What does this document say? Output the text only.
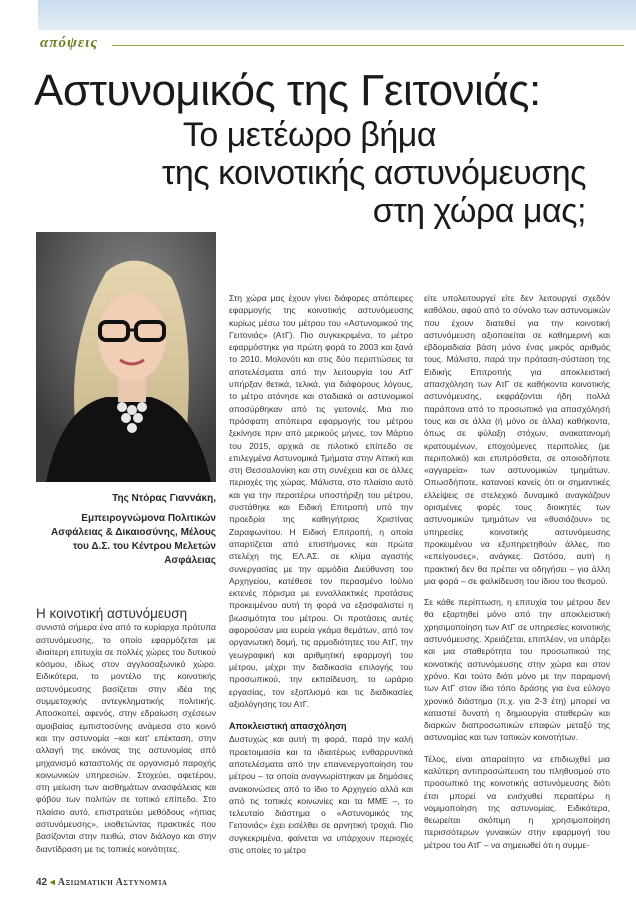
απόψεις
Αστυνομικός της Γειτονιάς:
Το μετέωρο βήμα
της κοινοτικής αστυνόμευσης
στη χώρα μας;
Της Ντόρας Γιαννάκη,
Εμπειρογνώμονα Πολιτικών Ασφάλειας & Δικαιοσύνης, Μέλους του Δ.Σ. του Κέντρου Μελετών Ασφάλειας

Η κοινοτική αστυνόμευση

συνιστά σήμερα ένα από τα κυρίαρχα πρότυπα αστυνόμευσης, το οποίο εφαρμόζεται με ιδιαίτερη επιτυχία σε πολλές χώρες του δυτικού κόσμου, ιδίως στον αγγλοσαξωνικό χώρο. Ειδικότερα, το μοντέλο της κοινοτικής αστυνόμευσης βασίζεται στην ιδέα της συμμετοχικής αντεγκληματικής πολιτικής. Αποσκοπεί, αφενός, στην εδραίωση σχέσεων αμοιβαίας εμπιστοσύνης ανάμεσα στο κοινό και την αστυνομία –και κατ' επέκταση, στην αλλαγή της εικόνας της αστυνομίας από μηχανισμό καταστολής σε οργανισμό παροχής κοινωνικών υπηρεσιών. Στοχεύει, αφετέρου, στη μείωση των αισθημάτων ανασφάλειας και φόβου των πολιτών σε τοπικό επίπεδο. Στο πλαίσιο αυτό, επιστρατεύει μεθόδους «ήπιας αστυνόμευσης», υιοθετώντας πρακτικές που βασίζονται στην πειθώ, στον διάλογο και στην διαντίδραση με τις τοπικές κοινότητες.

Στη χώρα μας έχουν γίνει διάφορες απόπειρες εφαρμογής της κοινοτικής αστυνόμευσης κυρίως μέσω του μέτρου του «Αστυνομικού της Γειτονιάς» (ΑτΓ). Πιο συγκεκριμένα, το μέτρο εφαρμόστηκε για πρώτη φορά το 2003 και ξανά το 2010. Μολονότι και στις δύο περιπτώσεις τα αποτελέσματα από την λειτουργία του ΑτΓ υπήρξαν θετικά, τελικά, για διάφορους λόγους, το μέτρο ατόνησε και σταδιακά οι αστυνομικοί αποσύρθηκαν από τις γειτονιές. Μια πιο πρόσφατη απόπειρα εφαρμογής του μέτρου ξεκίνησε πριν από μερικούς μήνες, τον Μάρτιο του 2015, αρχικά σε πιλοτικό επίπεδο σε επιλεγμένα Αστυνομικά Τμήματα στην Αττική και στη Θεσσαλονίκη και στη συνέχεια και σε άλλες περιοχές της χώρας. Μάλιστα, στο πλαίσιο αυτό και για την περαιτέρω υποστήριξη του μέτρου, συστάθηκε και Ειδική Επιτροπή υπό την προεδρία της καθηγήτριας Χριστίνας Ζαραφωνίτου. Η Ειδική Επιτροπή, η οποία απαρτίζεται από επιστήμονες και πρώτα στελέχη της ΕΛ.ΑΣ. σε κλίμα αγαστής συνεργασίας με την αρμόδια Διεύθυνση του Αρχηγείου, κατέθεσε τον περασμένο Ιούλιο εκτενές πόρισμα με ενναλλακτικές προτάσεις προκειμένου αυτή τη φορά να εξασφαλιστεί η βιωσιμότητα του μέτρου. Οι προτάσεις αυτές αφορούσαν μια ευρεία γκάμα θεμάτων, από τον οργανωτική δομή, τις αρμοδιότητες του ΑτΓ, την γεωγραφική και αριθμητική εφαρμογή του μέτρου, μέχρι την διαδικασία επιλογής του προσωπικού, την εκπαίδευση, το ωράριο εργασίας, τον εξοπλισμό και τις διαδικασίες αξιολόγησης του ΑτΓ.

Αποκλειστική απασχόληση

Δυστυχώς και αυτή τη φορά, παρά την καλή προετοιμασία και τα ιδιαιτέρως ενθαρρυντικά αποτελέσματα από την επανενεργοποίηση του μέτρου – τα οποία αναγνωρίστηκαν με δημόσιες ανακοινώσεις από το ίδιο το Αρχηγείο αλλά και από τις τοπικές κοινωνίες και τα ΜΜΕ –, το τελευταίο διάστημα ο «Αστυνομικός της Γειτονιάς» έχει εισέλθει σε αρνητική τροχιά. Πιο συγκεκριμένα, φαίνεται να υπάρχουν περιοχές στις οποίες το μέτρο

είτε υπολειτουργεί είτε δεν λειτουργεί σχεδόν καθόλου, αφού από το σύνολο των αστυνομικών που έχουν διατεθεί για την κοινοτική αστυνόμευση αξιοποιείται σε καθημερινή και εβδομαδιαία βάση μόνο ένας μικρός αριθμός τους. Μάλιστα, παρά την πρόταση-σύσταση της Ειδικής Επιτροπής για αποκλειστική απασχόληση των ΑτΓ σε καθήκοντα κοινοτικής αστυνόμευσης, εκφράζονται ήδη πολλά παράπονα από το προσωπικό για απασχόλησή τους και σε άλλα (ή μόνο σε άλλα) καθήκοντα, όπως σε φύλαξη στόχων, ανακατανομή κρατουμένων, εποχούμενες περιπολίες (με περιπολικό) και επιπρόσθετα, σε οποιοδήποτε «αγγαρεία» των αστυνομικών τμημάτων. Οπωσδήποτε, κατανοεί κανείς ότι οι σημαντικές ελλείψεις σε στελεχικό δυναμικό αναγκάζουν ορισμένες φορές τους διοικητές των αστυνομικών τμημάτων να «θυσιάζουν» τις υπηρεσίες κοινοτικής αστυνόμευσης προκειμένου να εξυπηρετηθούν άλλες, πιο «επείγουσες», ανάγκες. Ωστόσο, αυτή η πρακτική δεν θα πρέπει να οδηγήσει – για άλλη μια φορά – σε φαλκίδευση του ίδιου του θεσμού.

Σε κάθε περίπτωση, η επιτυχία του μέτρου δεν θα εξαρτηθεί μόνο από την αποκλειστική χρησιμοποίηση των ΑτΓ σε υπηρεσίες κοινοτικής αστυνόμευσης. Χρειάζεται, επιπλέον, να υπάρξει και μια σταθερότητα του προσωπικού της κοινοτικής αστυνόμευσης στην χώρα και στον χρόνο. Και τούτο διότι μόνο με την παραμονή των ΑτΓ στον ίδιο τόπο δράσης για ένα εύλογο χρονικό διάστημα (π.χ. για 2-3 έτη) μπορεί να καταστεί δυνατή η δημιουργία σταθερών και διαρκών διαπροσωπικών επαφών μεταξύ της αστυνομίας και των τοπικών κοινοτήτων.

Τέλος, είναι απαραίτητο να επιδιωχθεί μια καλύτερη αντιπροσώπευση του πληθυσμού στο προσωπικό της κοινοτικής αστυνόμευσης διότι έτσι μπορεί να ενισχυθεί περαιτέρω η νομιμοποίηση της αστυνομίας. Ειδικότερα, θεωρείται σκόπιμη η χρησιμοποίηση περισσότερων γυναικών στην εφαρμογή του μέτρου του ΑτΓ – να σημειωθεί ότι η συμμε-

42 ◂ Αξιωματική Αστυνομία
